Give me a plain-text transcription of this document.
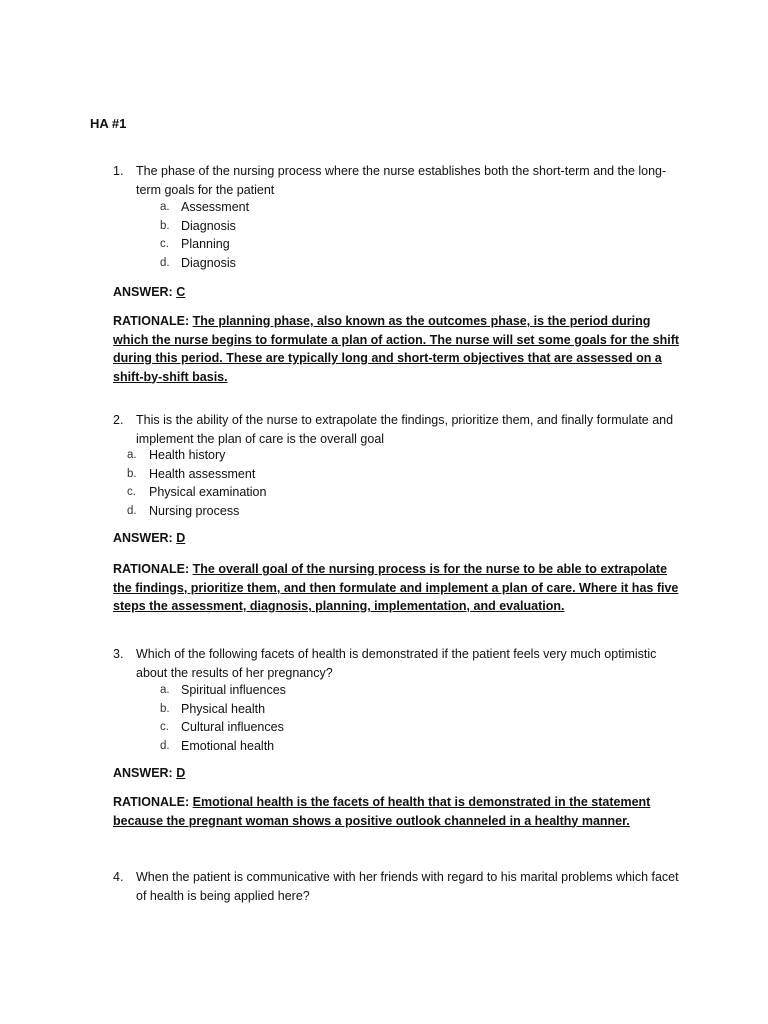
HA #1
1.	The phase of the nursing process where the nurse establishes both the short-term and the long-term goals for the patient
a. Assessment
b. Diagnosis
c. Planning
d. Diagnosis
ANSWER: C
RATIONALE: The planning phase, also known as the outcomes phase, is the period during which the nurse begins to formulate a plan of action. The nurse will set some goals for the shift during this period. These are typically long and short-term objectives that are assessed on a shift-by-shift basis.
2.	This is the ability of the nurse to extrapolate the findings, prioritize them, and finally formulate and implement the plan of care is the overall goal
a. Health history
b. Health assessment
c. Physical examination
d. Nursing process
ANSWER: D
RATIONALE: The overall goal of the nursing process is for the nurse to be able to extrapolate the findings, prioritize them, and then formulate and implement a plan of care. Where it has five steps the assessment, diagnosis, planning, implementation, and evaluation.
3.	Which of the following facets of health is demonstrated if the patient feels very much optimistic about the results of her pregnancy?
a. Spiritual influences
b. Physical health
c. Cultural influences
d. Emotional health
ANSWER: D
RATIONALE: Emotional health is the facets of health that is demonstrated in the statement because the pregnant woman shows a positive outlook channeled in a healthy manner.
4.	When the patient is communicative with her friends with regard to his marital problems which facet of health is being applied here?
